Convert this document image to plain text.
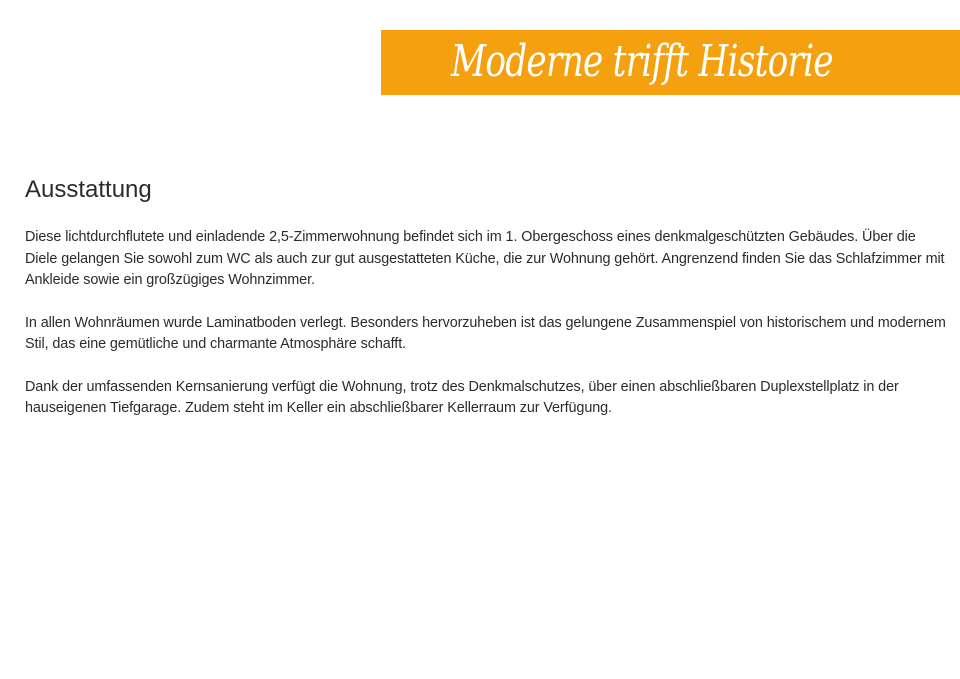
Moderne trifft Historie
Ausstattung

Diese lichtdurchflutete und einladende 2,5-Zimmerwohnung befindet sich im 1. Obergeschoss eines denkmalgeschützten Gebäudes. Über die Diele gelangen Sie sowohl zum WC als auch zur gut ausgestatteten Küche, die zur Wohnung gehört. Angrenzend finden Sie das Schlafzimmer mit Ankleide sowie ein großzügiges Wohnzimmer.

In allen Wohnräumen wurde Laminatboden verlegt. Besonders hervorzuheben ist das gelungene Zusammenspiel von historischem und modernem Stil, das eine gemütliche und charmante Atmosphäre schafft.

Dank der umfassenden Kernsanierung verfügt die Wohnung, trotz des Denkmalschutzes, über einen abschließbaren Duplexstellplatz in der hauseigenen Tiefgarage. Zudem steht im Keller ein abschließbarer Kellerraum zur Verfügung.
